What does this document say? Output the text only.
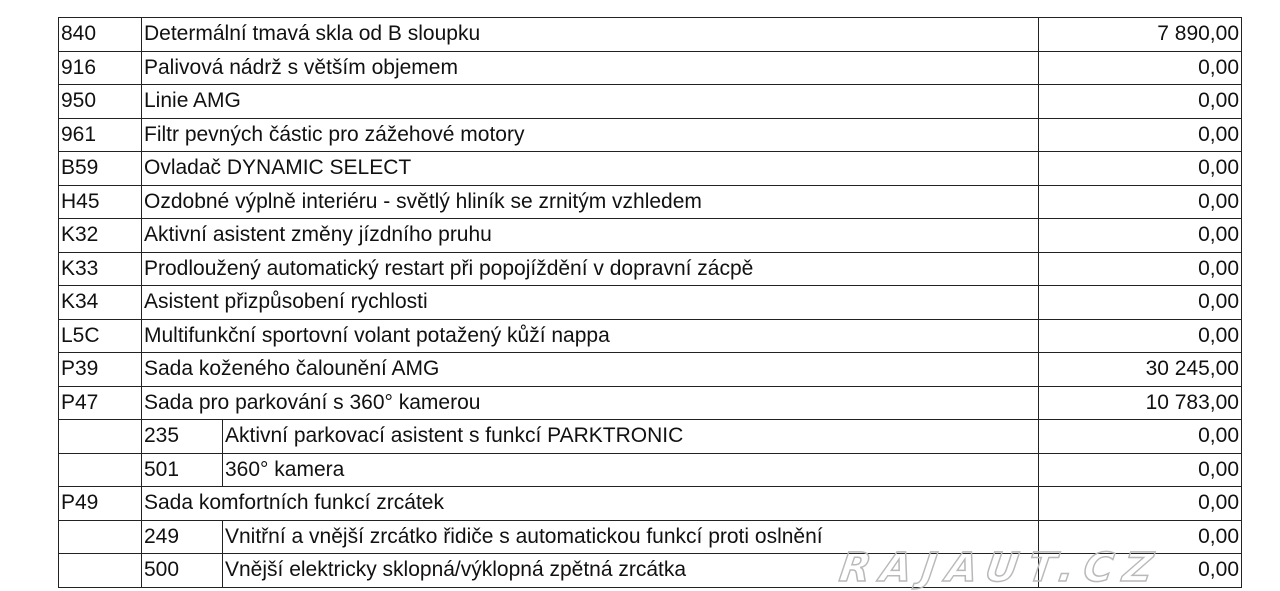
840	Determální tmavá skla od B sloupku		7 890,00
916	Palivová nádrž s větším objemem		0,00
950	Linie AMG		0,00
961	Filtr pevných částic pro zážehové motory		0,00
B59	Ovladač DYNAMIC SELECT		0,00
H45	Ozdobné výplně interiéru - světlý hliník se zrnitým vzhledem		0,00
K32	Aktivní asistent změny jízdního pruhu		0,00
K33	Prodloužený automatický restart při popojíždění v dopravní zácpě		0,00
K34	Asistent přizpůsobení rychlosti		0,00
L5C	Multifunkční sportovní volant potažený kůží nappa		0,00
P39	Sada koženého čalounění AMG		30 245,00
P47	Sada pro parkování s 360° kamerou		10 783,00
	235	Aktivní parkovací asistent s funkcí PARKTRONIC	0,00
	501	360° kamera	0,00
P49	Sada komfortních funkcí zrcátek		0,00
	249	Vnitřní a vnější zrcátko řidiče s automatickou funkcí proti oslnění	0,00
	500	Vnější elektricky sklopná/výklopná zpětná zrcátka	0,00
RAJAUT.CZ
